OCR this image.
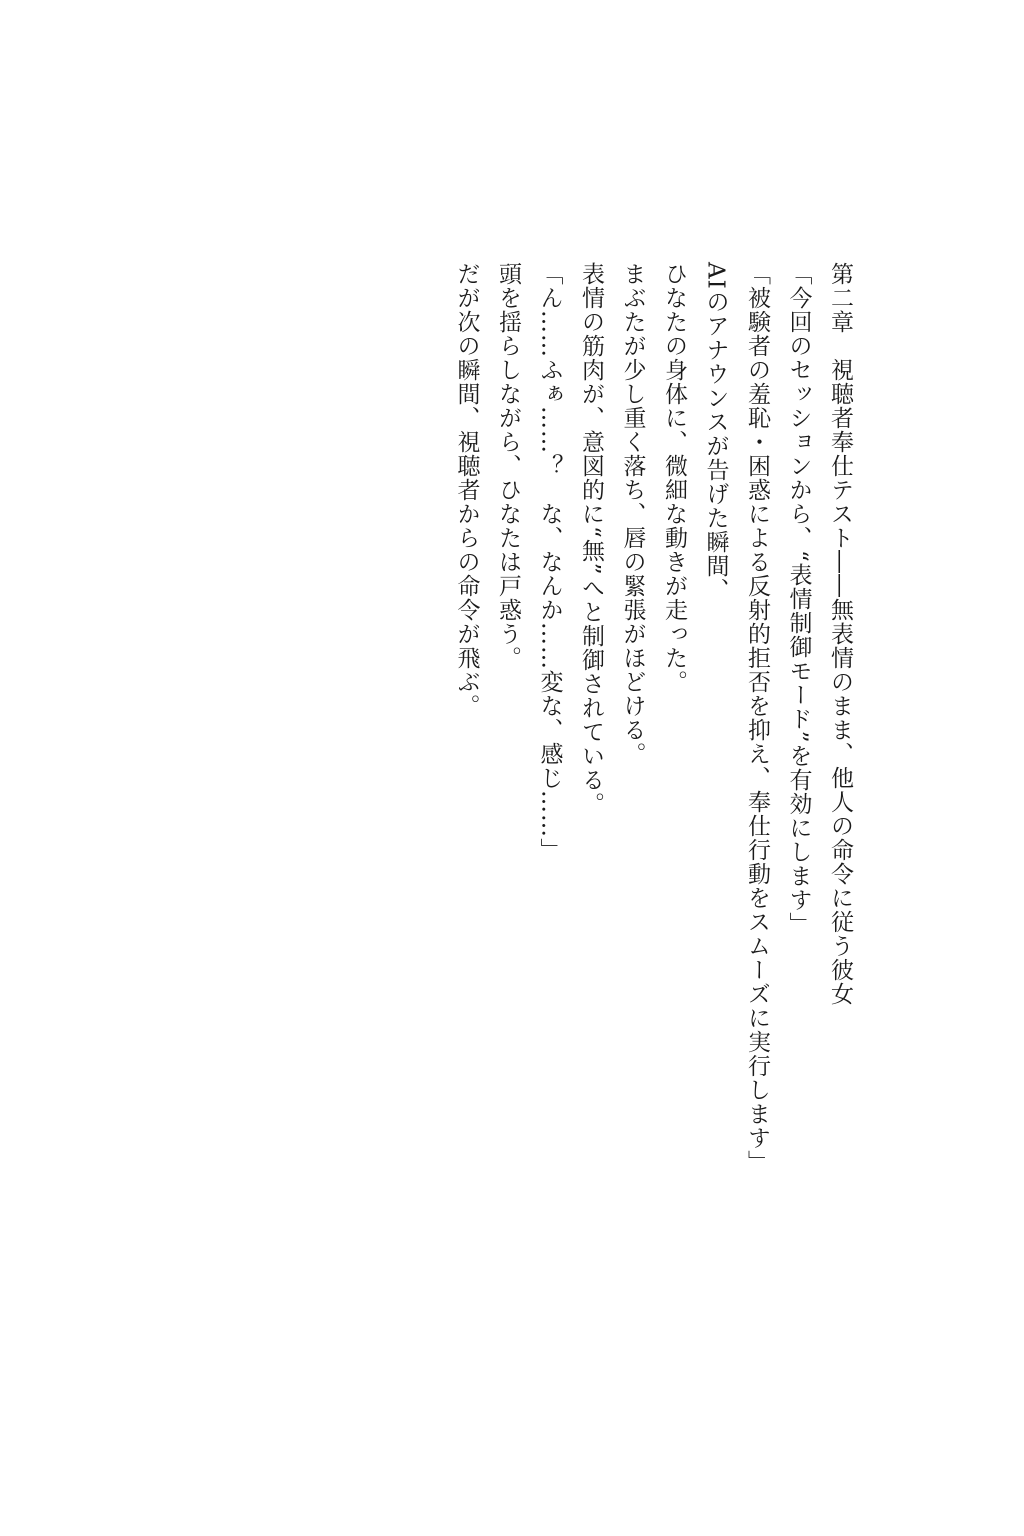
第二章　視聴者奉仕テスト――無表情のまま、他人の命令に従う彼女
「今回のセッションから、“表情制御モード”を有効にします」
「被験者の羞恥・困惑による反射的拒否を抑え、奉仕行動をスムーズに実行します」
AIのアナウンスが告げた瞬間、
ひなたの身体に、微細な動きが走った。
まぶたが少し重く落ち、唇の緊張がほどける。
表情の筋肉が、意図的に“無”へと制御されている。
「ん……ふぁ……？　な、なんか……変な、感じ……」
頭を揺らしながら、ひなたは戸惑う。
だが次の瞬間、視聴者からの命令が飛ぶ。
